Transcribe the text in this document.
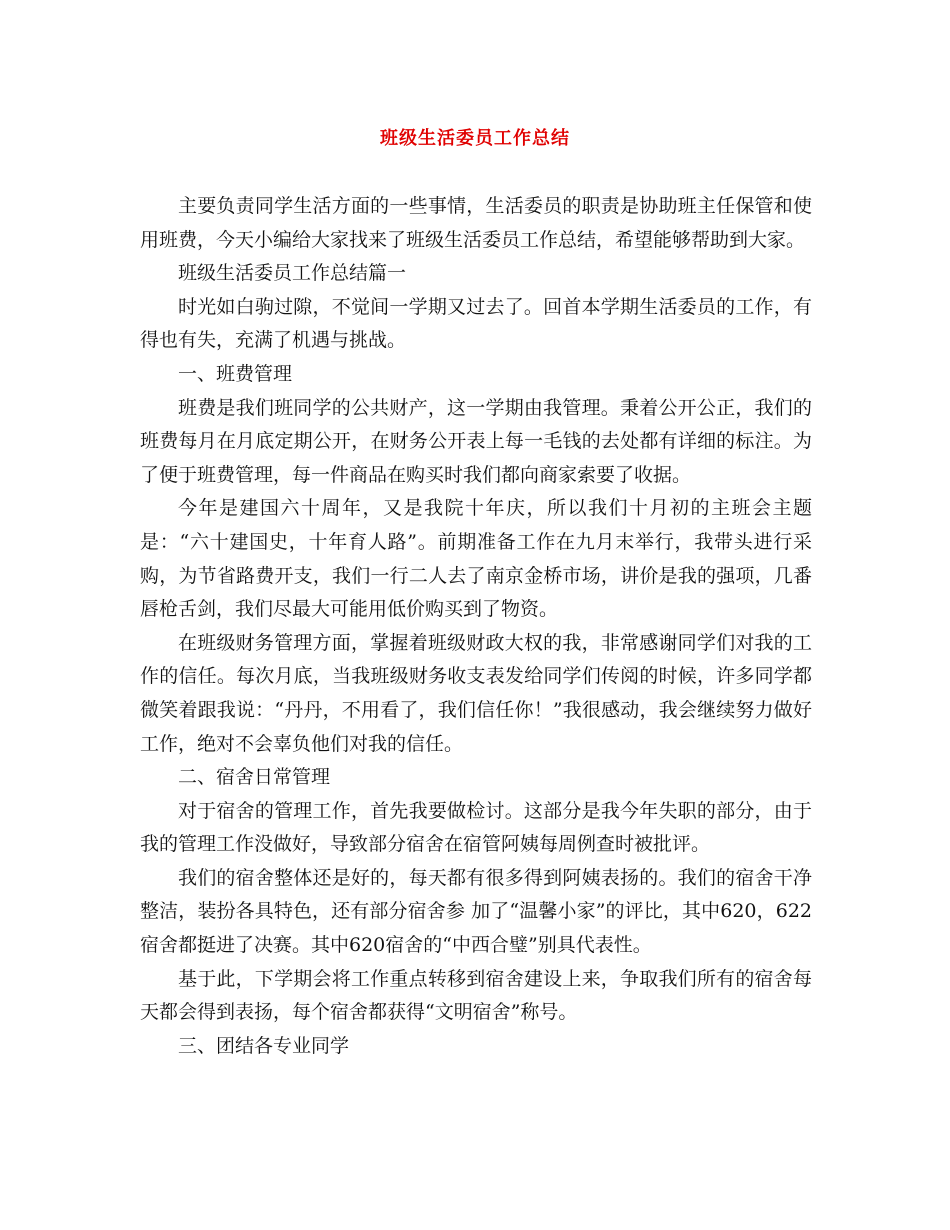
班级生活委员工作总结

主要负责同学生活方面的一些事情，生活委员的职责是协助班主任保管和使用班费，今天小编给大家找来了班级生活委员工作总结，希望能够帮助到大家。

班级生活委员工作总结篇一

时光如白驹过隙，不觉间一学期又过去了。回首本学期生活委员的工作，有得也有失，充满了机遇与挑战。

一、班费管理

班费是我们班同学的公共财产，这一学期由我管理。秉着公开公正，我们的班费每月在月底定期公开，在财务公开表上每一毛钱的去处都有详细的标注。为了便于班费管理，每一件商品在购买时我们都向商家索要了收据。

今年是建国六十周年，又是我院十年庆，所以我们十月初的主班会主题是：“六十建国史，十年育人路”。前期准备工作在九月末举行，我带头进行采购，为节省路费开支，我们一行二人去了南京金桥市场，讲价是我的强项，几番唇枪舌剑，我们尽最大可能用低价购买到了物资。

在班级财务管理方面，掌握着班级财政大权的我，非常感谢同学们对我的工作的信任。每次月底，当我班级财务收支表发给同学们传阅的时候，许多同学都微笑着跟我说：“丹丹，不用看了，我们信任你！”我很感动，我会继续努力做好工作，绝对不会辜负他们对我的信任。

二、宿舍日常管理

对于宿舍的管理工作，首先我要做检讨。这部分是我今年失职的部分，由于我的管理工作没做好，导致部分宿舍在宿管阿姨每周例查时被批评。

我们的宿舍整体还是好的，每天都有很多得到阿姨表扬的。我们的宿舍干净整洁，装扮各具特色，还有部分宿舍参 加了“温馨小家”的评比，其中620，622宿舍都挺进了决赛。其中620宿舍的“中西合璧”别具代表性。

基于此，下学期会将工作重点转移到宿舍建设上来，争取我们所有的宿舍每天都会得到表扬，每个宿舍都获得“文明宿舍”称号。

三、团结各专业同学
